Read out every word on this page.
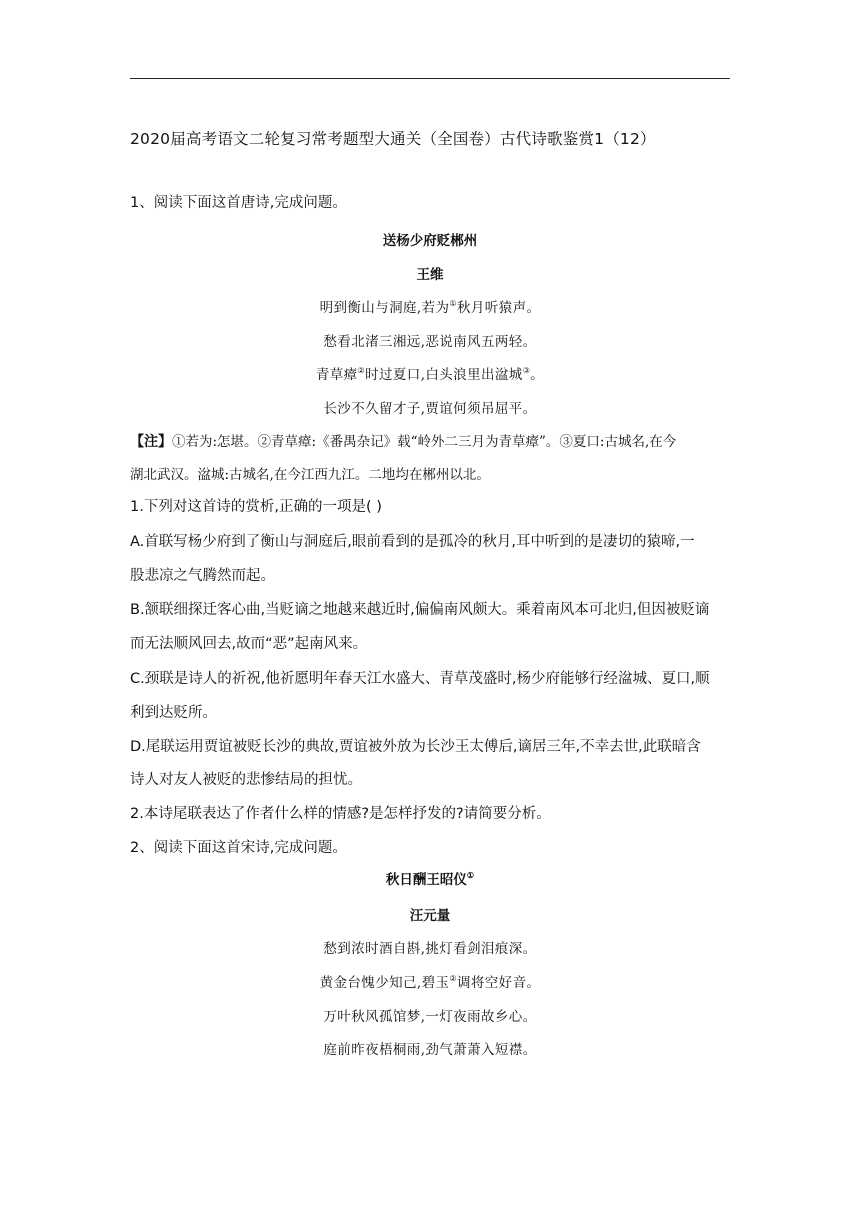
2020届高考语文二轮复习常考题型大通关（全国卷）古代诗歌鉴赏1（12）
1、阅读下面这首唐诗,完成问题。
送杨少府贬郴州
王维
明到衡山与洞庭,若为①秋月听猿声。
愁看北渚三湘远,恶说南风五两轻。
青草瘴②时过夏口,白头浪里出湓城③。
长沙不久留才子,贾谊何须吊屈平。
【注】①若为:怎堪。②青草瘴:《番禺杂记》载“岭外二三月为青草瘴”。③夏口:古城名,在今
湖北武汉。湓城:古城名,在今江西九江。二地均在郴州以北。
1.下列对这首诗的赏析,正确的一项是( )
A.首联写杨少府到了衡山与洞庭后,眼前看到的是孤冷的秋月,耳中听到的是凄切的猿啼,一
股悲凉之气腾然而起。
B.颔联细探迁客心曲,当贬谪之地越来越近时,偏偏南风颇大。乘着南风本可北归,但因被贬谪
而无法顺风回去,故而“恶”起南风来。
C.颈联是诗人的祈祝,他祈愿明年春天江水盛大、青草茂盛时,杨少府能够行经湓城、夏口,顺
利到达贬所。
D.尾联运用贾谊被贬长沙的典故,贾谊被外放为长沙王太傅后,谪居三年,不幸去世,此联暗含
诗人对友人被贬的悲惨结局的担忧。
2.本诗尾联表达了作者什么样的情感?是怎样抒发的?请简要分析。
2、阅读下面这首宋诗,完成问题。
秋日酬王昭仪①
汪元量
愁到浓时酒自斟,挑灯看剑泪痕深。
黄金台愧少知己,碧玉②调将空好音。
万叶秋风孤馆梦,一灯夜雨故乡心。
庭前昨夜梧桐雨,劲气萧萧入短襟。
